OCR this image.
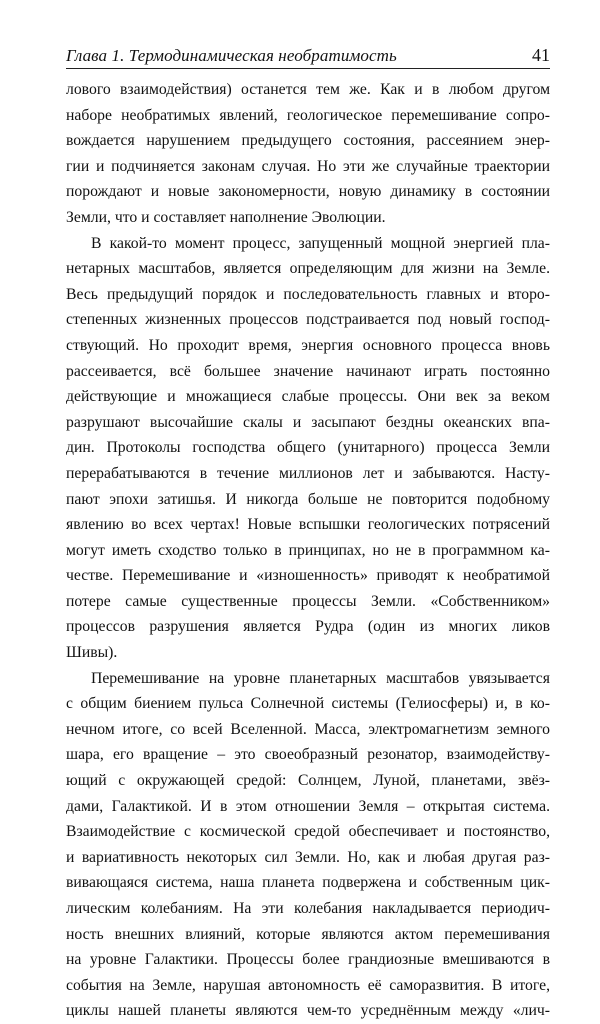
Глава 1. Термодинамическая необратимость	41
лового взаимодействия) останется тем же. Как и в любом другом
наборе необратимых явлений, геологическое перемешивание сопро-
вождается нарушением предыдущего состояния, рассеянием энер-
гии и подчиняется законам случая. Но эти же случайные траектории
порождают и новые закономерности, новую динамику в состоянии
Земли, что и составляет наполнение Эволюции.
В какой-то момент процесс, запущенный мощной энергией пла-
нетарных масштабов, является определяющим для жизни на Земле.
Весь предыдущий порядок и последовательность главных и второ-
степенных жизненных процессов подстраивается под новый господ-
ствующий. Но проходит время, энергия основного процесса вновь
рассеивается, всё большее значение начинают играть постоянно
действующие и множащиеся слабые процессы. Они век за веком
разрушают высочайшие скалы и засыпают бездны океанских впа-
дин. Протоколы господства общего (унитарного) процесса Земли
перерабатываются в течение миллионов лет и забываются. Насту-
пают эпохи затишья. И никогда больше не повторится подобному
явлению во всех чертах! Новые вспышки геологических потрясений
могут иметь сходство только в принципах, но не в программном ка-
честве. Перемешивание и «изношенность» приводят к необратимой
потере самые существенные процессы Земли. «Собственником»
процессов разрушения является Рудра (один из многих ликов
Шивы).
Перемешивание на уровне планетарных масштабов увязывается
с общим биением пульса Солнечной системы (Гелиосферы) и, в ко-
нечном итоге, со всей Вселенной. Масса, электромагнетизм земного
шара, его вращение – это своеобразный резонатор, взаимодейству-
ющий с окружающей средой: Солнцем, Луной, планетами, звёз-
дами, Галактикой. И в этом отношении Земля – открытая система.
Взаимодействие с космической средой обеспечивает и постоянство,
и вариативность некоторых сил Земли. Но, как и любая другая раз-
вивающаяся система, наша планета подвержена и собственным цик-
лическим колебаниям. На эти колебания накладывается периодич-
ность внешних влияний, которые являются актом перемешивания
на уровне Галактики. Процессы более грандиозные вмешиваются в
события на Земле, нарушая автономность её саморазвития. В итоге,
циклы нашей планеты являются чем-то усреднённым между «лич-
